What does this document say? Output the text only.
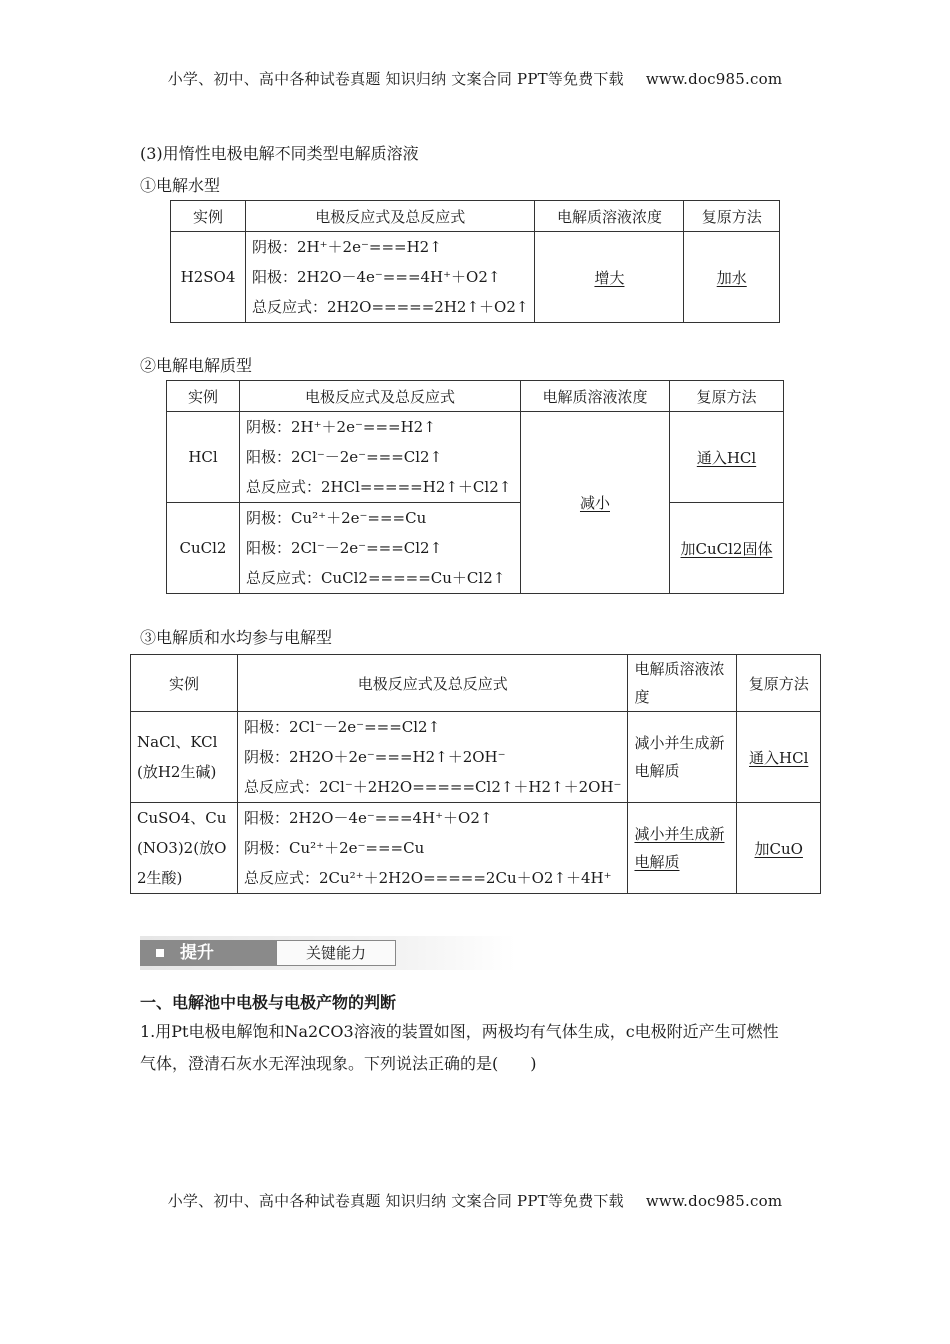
小学、初中、高中各种试卷真题 知识归纳 文案合同 PPT等免费下载 www.doc985.com
(3)用惰性电极电解不同类型电解质溶液
①电解水型
实例	电极反应式及总反应式	电解质溶液浓度	复原方法
H2SO4	阴极：2H⁺＋2e⁻===H2↑
阳极：2H2O－4e⁻===4H⁺＋O2↑
总反应式：2H2O=====2H2↑＋O2↑	增大	加水
②电解电解质型
实例	电极反应式及总反应式	电解质溶液浓度	复原方法
HCl	阴极：2H⁺＋2e⁻===H2↑
阳极：2Cl⁻－2e⁻===Cl2↑
总反应式：2HCl=====H2↑＋Cl2↑	减小	通入HCl
CuCl2	阴极：Cu²⁺＋2e⁻===Cu
阳极：2Cl⁻－2e⁻===Cl2↑
总反应式：CuCl2=====Cu＋Cl2↑		加CuCl2固体
③电解质和水均参与电解型
实例	电极反应式及总反应式	电解质溶液浓度	复原方法
NaCl、KCl(放H2生碱)	阳极：2Cl⁻－2e⁻===Cl2↑
阴极：2H2O＋2e⁻===H2↑＋2OH⁻
总反应式：2Cl⁻＋2H2O=====Cl2↑＋H2↑＋2OH⁻	减小并生成新电解质	通入HCl
CuSO4、Cu(NO3)2(放O2生酸)	阳极：2H2O－4e⁻===4H⁺＋O2↑
阴极：Cu²⁺＋2e⁻===Cu
总反应式：2Cu²⁺＋2H2O=====2Cu＋O2↑＋4H⁺	减小并生成新电解质	加CuO
提升	关键能力
一、电解池中电极与电极产物的判断
1.用Pt电极电解饱和Na2CO3溶液的装置如图，两极均有气体生成，c电极附近产生可燃性
气体，澄清石灰水无浑浊现象。下列说法正确的是(　　)
小学、初中、高中各种试卷真题 知识归纳 文案合同 PPT等免费下载 www.doc985.com
